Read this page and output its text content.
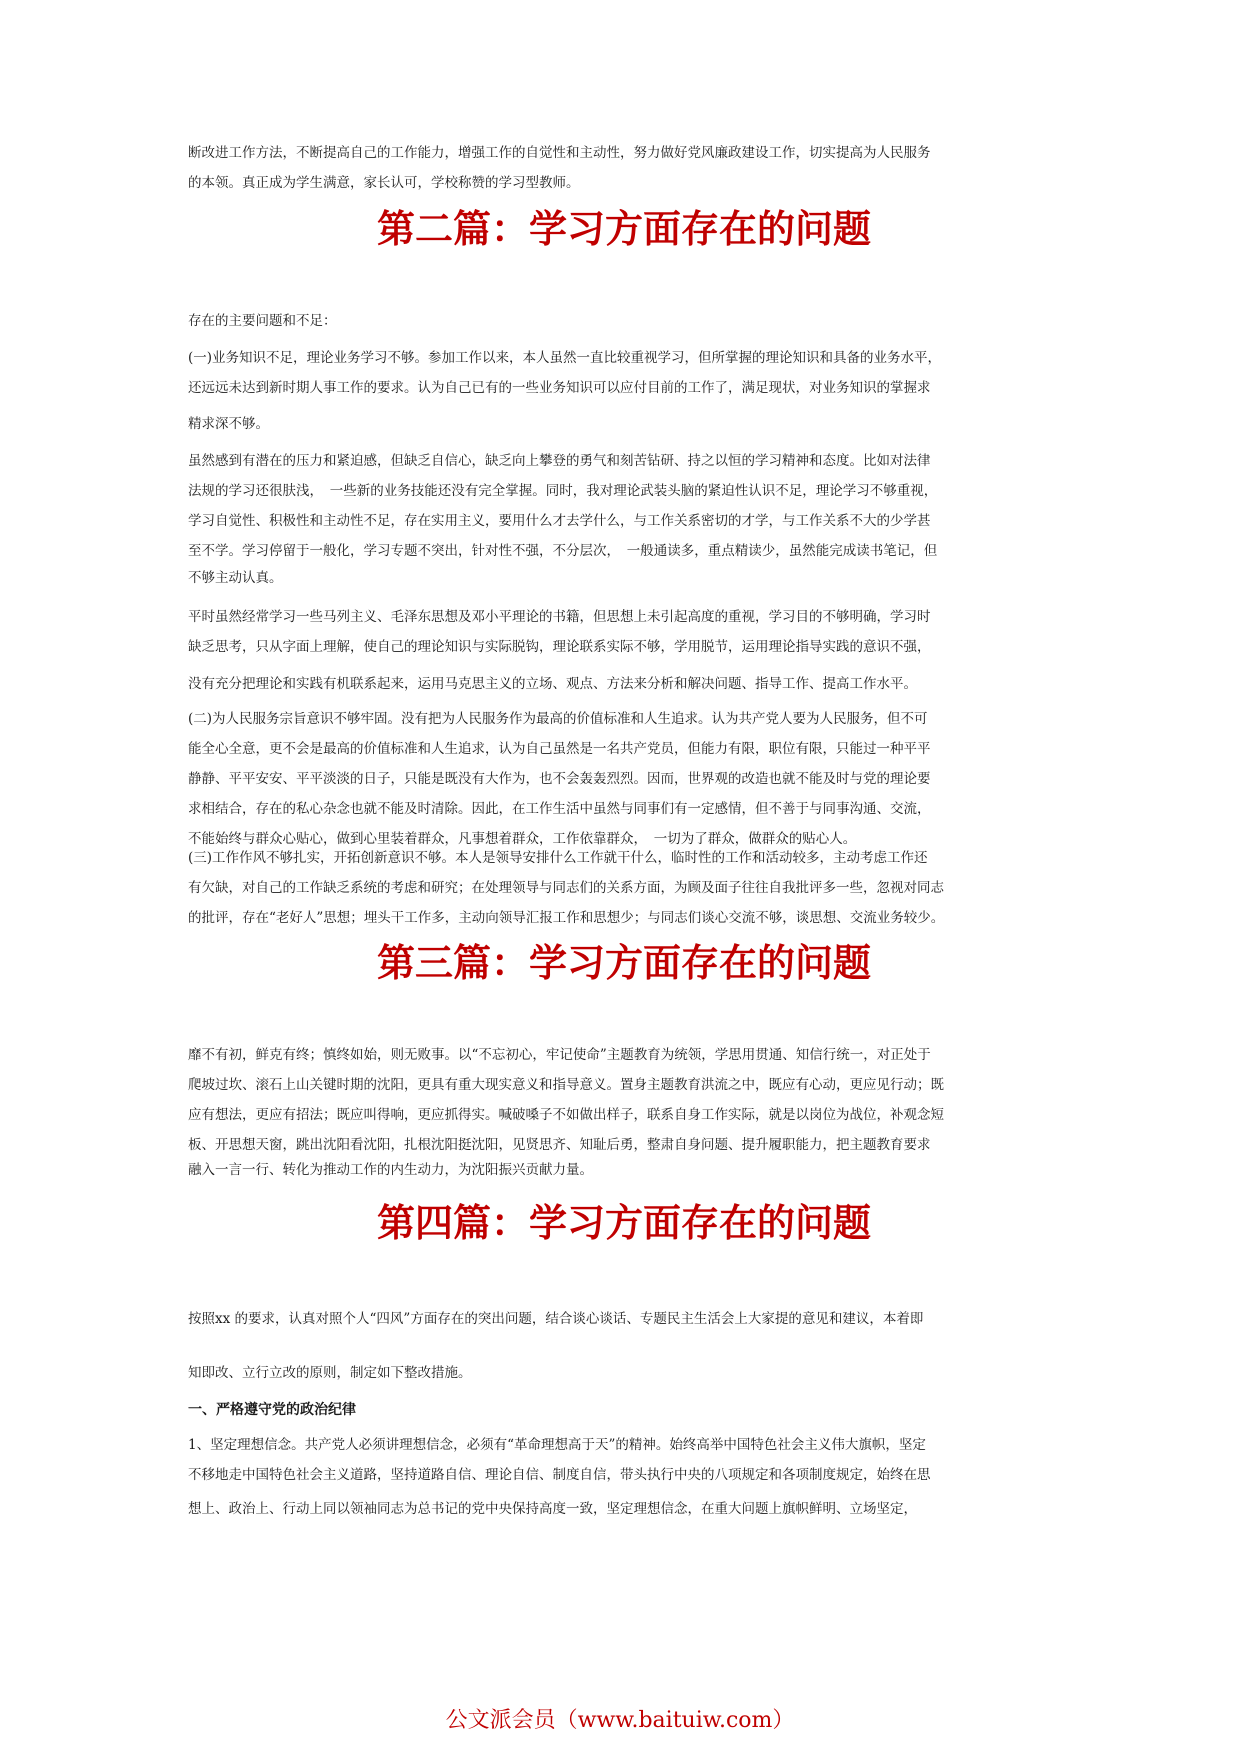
断改进工作方法，不断提高自己的工作能力，增强工作的自觉性和主动性，努力做好党风廉政建设工作，切实提高为人民服务
的本领。真正成为学生满意，家长认可，学校称赞的学习型教师。
第二篇：学习方面存在的问题
存在的主要问题和不足：
(一)业务知识不足，理论业务学习不够。参加工作以来，本人虽然一直比较重视学习，但所掌握的理论知识和具备的业务水平，
还远远未达到新时期人事工作的要求。认为自己已有的一些业务知识可以应付目前的工作了，满足现状，对业务知识的掌握求
精求深不够。
虽然感到有潜在的压力和紧迫感，但缺乏自信心，缺乏向上攀登的勇气和刻苦钻研、持之以恒的学习精神和态度。比如对法律
法规的学习还很肤浅，　一些新的业务技能还没有完全掌握。同时，我对理论武装头脑的紧迫性认识不足，理论学习不够重视，
学习自觉性、积极性和主动性不足，存在实用主义，要用什么才去学什么，与工作关系密切的才学，与工作关系不大的少学甚
至不学。学习停留于一般化，学习专题不突出，针对性不强，不分层次，　一般通读多，重点精读少，虽然能完成读书笔记，但
不够主动认真。
平时虽然经常学习一些马列主义、毛泽东思想及邓小平理论的书籍，但思想上未引起高度的重视，学习目的不够明确，学习时
缺乏思考，只从字面上理解，使自己的理论知识与实际脱钩，理论联系实际不够，学用脱节，运用理论指导实践的意识不强，
没有充分把理论和实践有机联系起来，运用马克思主义的立场、观点、方法来分析和解决问题、指导工作、提高工作水平。
(二)为人民服务宗旨意识不够牢固。没有把为人民服务作为最高的价值标准和人生追求。认为共产党人要为人民服务，但不可
能全心全意，更不会是最高的价值标准和人生追求，认为自己虽然是一名共产党员，但能力有限，职位有限，只能过一种平平
静静、平平安安、平平淡淡的日子，只能是既没有大作为，也不会轰轰烈烈。因而，世界观的改造也就不能及时与党的理论要
求相结合，存在的私心杂念也就不能及时清除。因此，在工作生活中虽然与同事们有一定感情，但不善于与同事沟通、交流，
不能始终与群众心贴心，做到心里装着群众，凡事想着群众，工作依靠群众，　一切为了群众，做群众的贴心人。
(三)工作作风不够扎实，开拓创新意识不够。本人是领导安排什么工作就干什么，临时性的工作和活动较多，主动考虑工作还
有欠缺，对自己的工作缺乏系统的考虑和研究；在处理领导与同志们的关系方面，为顾及面子往往自我批评多一些，忽视对同志
的批评，存在“老好人”思想；埋头干工作多，主动向领导汇报工作和思想少；与同志们谈心交流不够，谈思想、交流业务较少。
第三篇：学习方面存在的问题
靡不有初，鲜克有终；慎终如始，则无败事。以“不忘初心，牢记使命”主题教育为统领，学思用贯通、知信行统一，对正处于
爬坡过坎、滚石上山关键时期的沈阳，更具有重大现实意义和指导意义。置身主题教育洪流之中，既应有心动，更应见行动；既
应有想法，更应有招法；既应叫得响，更应抓得实。喊破嗓子不如做出样子，联系自身工作实际，就是以岗位为战位，补观念短
板、开思想天窗，跳出沈阳看沈阳，扎根沈阳挺沈阳，见贤思齐、知耻后勇，整肃自身问题、提升履职能力，把主题教育要求
融入一言一行、转化为推动工作的内生动力，为沈阳振兴贡献力量。
第四篇：学习方面存在的问题
按照xx 的要求，认真对照个人“四风”方面存在的突出问题，结合谈心谈话、专题民主生活会上大家提的意见和建议，本着即
知即改、立行立改的原则，制定如下整改措施。
一、严格遵守党的政治纪律
1、坚定理想信念。共产党人必须讲理想信念，必须有“革命理想高于天”的精神。始终高举中国特色社会主义伟大旗帜，坚定
不移地走中国特色社会主义道路，坚持道路自信、理论自信、制度自信，带头执行中央的八项规定和各项制度规定，始终在思
想上、政治上、行动上同以领袖同志为总书记的党中央保持高度一致，坚定理想信念，在重大问题上旗帜鲜明、立场坚定，
公文派会员（www.baituiw.com）
